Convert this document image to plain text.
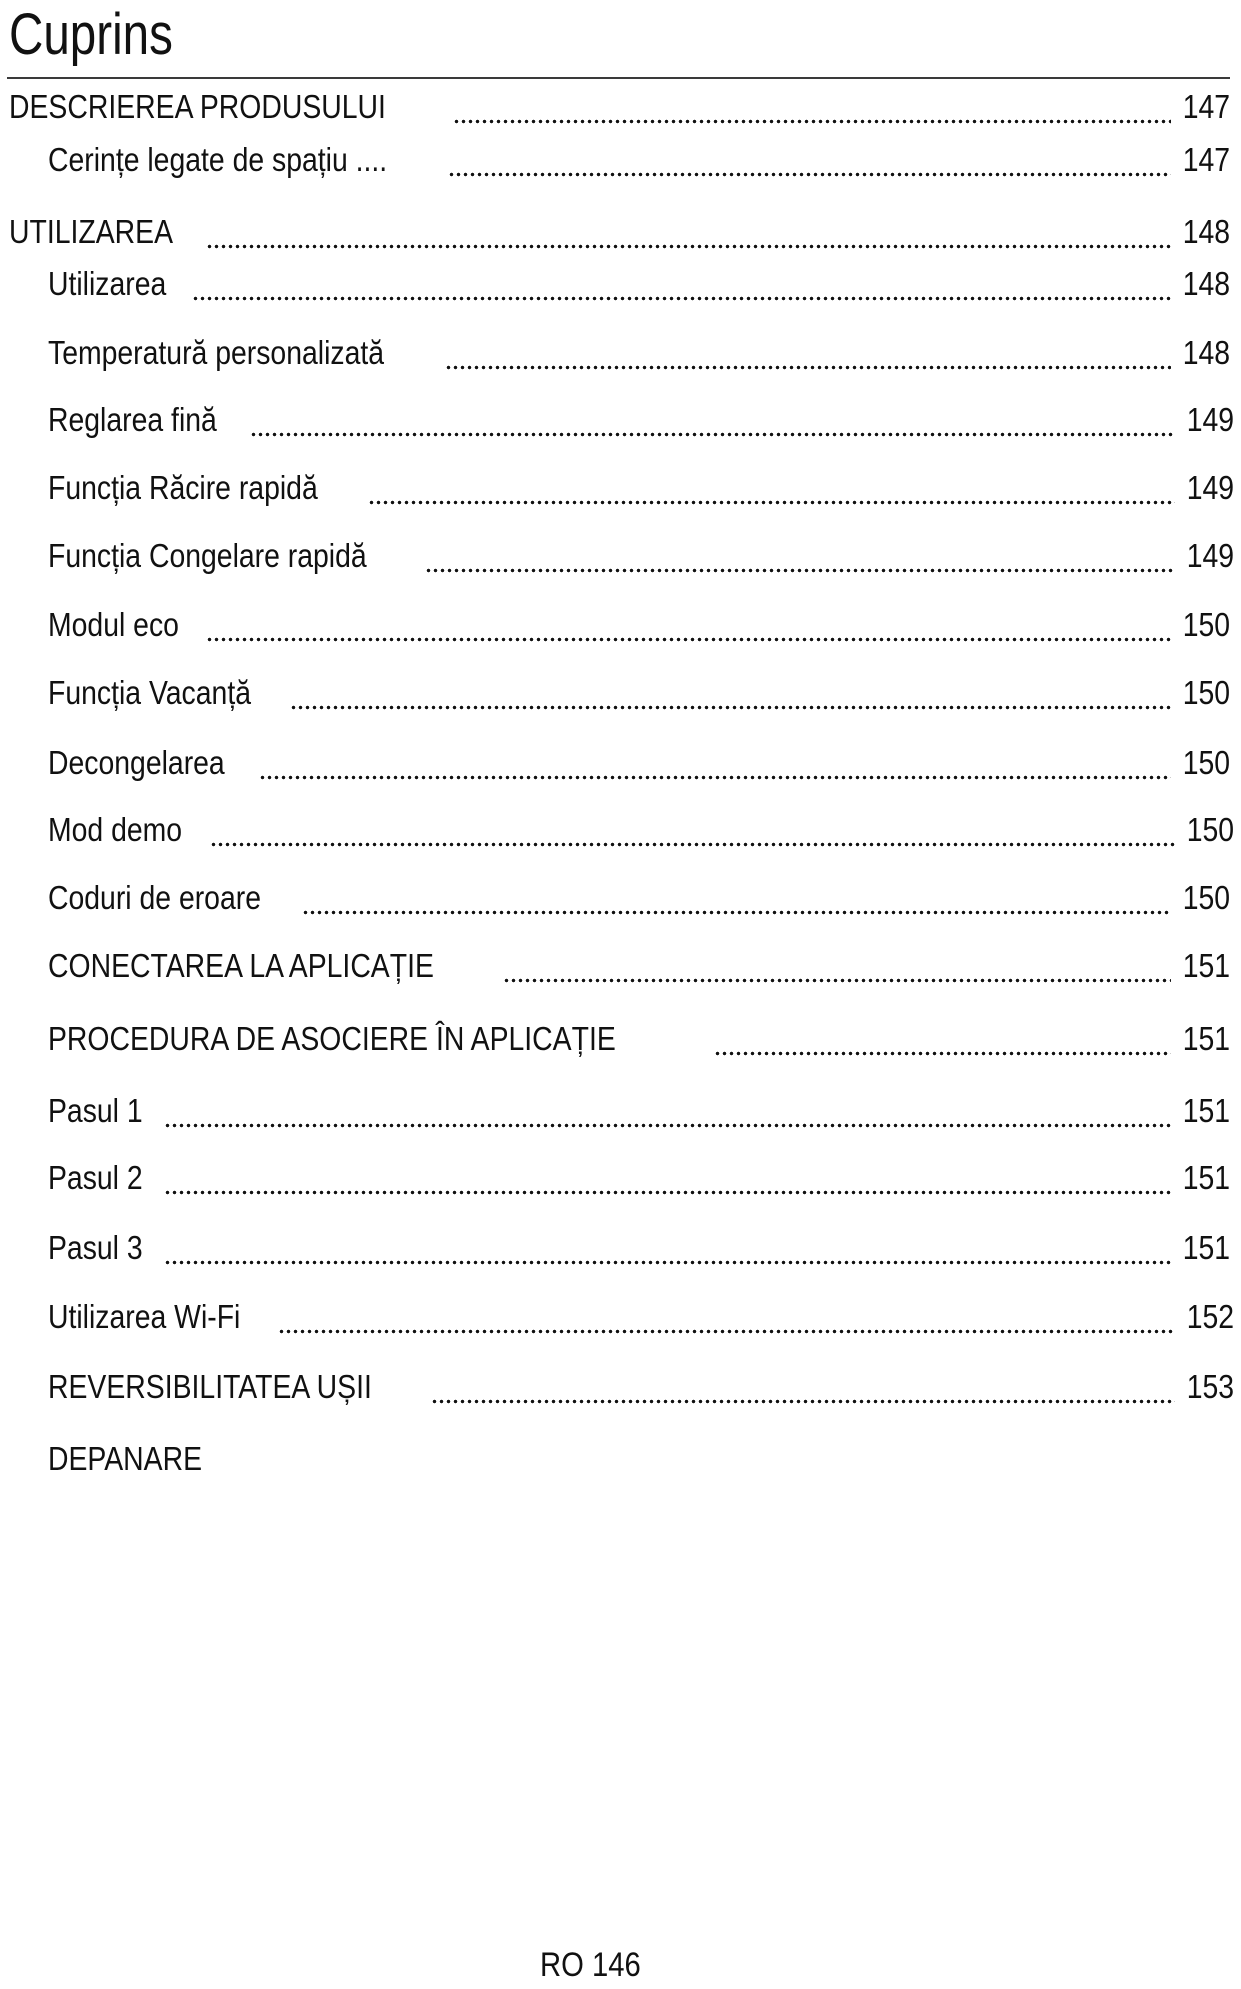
Cuprins
DESCRIEREA PRODUSULUI	147
Cerințe legate de spațiu ....	147
UTILIZAREA	148
Utilizarea	148
Temperatură personalizată	148
Reglarea fină	149
Funcția Răcire rapidă	149
Funcția Congelare rapidă	149
Modul eco	150
Funcția Vacanță	150
Decongelarea	150
Mod demo	150
Coduri de eroare	150
CONECTAREA LA APLICAȚIE	151
PROCEDURA DE ASOCIERE ÎN APLICAȚIE	151
Pasul 1	151
Pasul 2	151
Pasul 3	151
Utilizarea Wi-Fi	152
REVERSIBILITATEA UȘII	153
DEPANARE
RO 146
